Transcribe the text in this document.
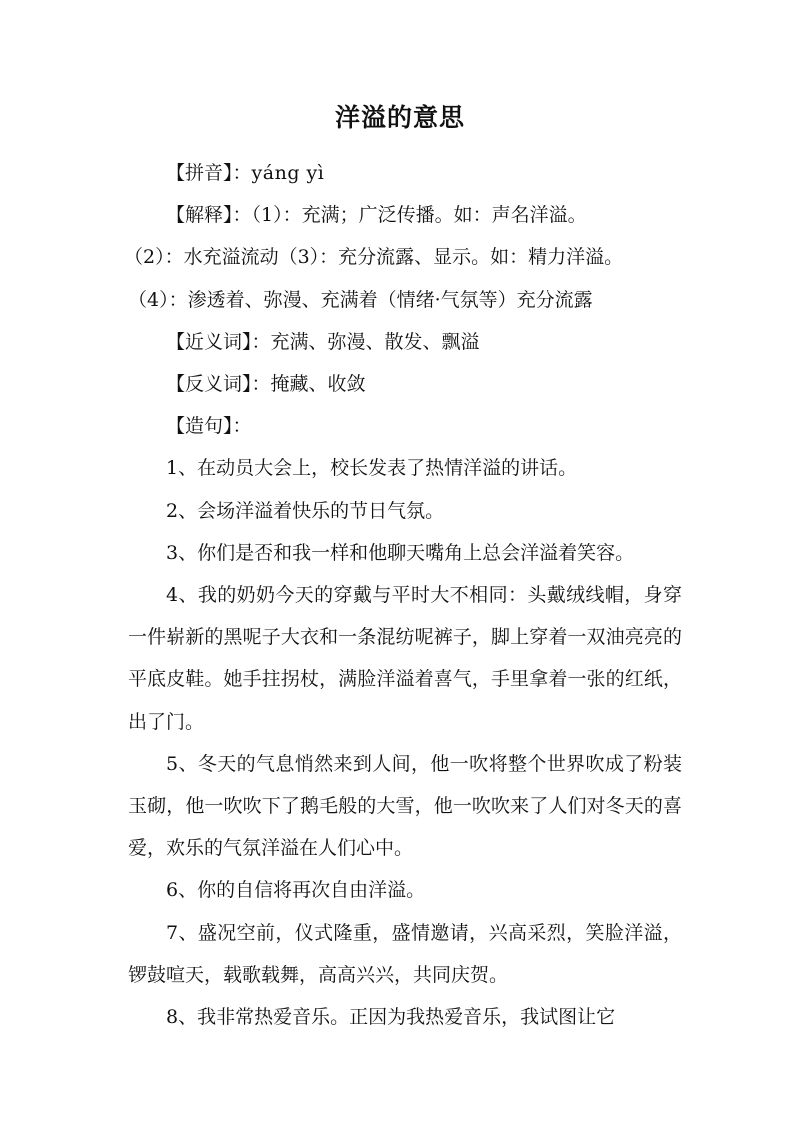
洋溢的意思

【拼音】：yáng yì

【解释】：（1）：充满；广泛传播。如：声名洋溢。

（2）：水充溢流动（3）：充分流露、显示。如：精力洋溢。

（4）：渗透着、弥漫、充满着（情绪·气氛等）充分流露

【近义词】：充满、弥漫、散发、飘溢

【反义词】：掩藏、收敛

【造句】：

1、在动员大会上，校长发表了热情洋溢的讲话。

2、会场洋溢着快乐的节日气氛。

3、你们是否和我一样和他聊天嘴角上总会洋溢着笑容。

4、我的奶奶今天的穿戴与平时大不相同：头戴绒线帽，身穿一件崭新的黑呢子大衣和一条混纺呢裤子，脚上穿着一双油亮亮的平底皮鞋。她手拄拐杖，满脸洋溢着喜气，手里拿着一张的红纸，出了门。

5、冬天的气息悄然来到人间，他一吹将整个世界吹成了粉装玉砌，他一吹吹下了鹅毛般的大雪，他一吹吹来了人们对冬天的喜爱，欢乐的气氛洋溢在人们心中。

6、你的自信将再次自由洋溢。

7、盛况空前，仪式隆重，盛情邀请，兴高采烈，笑脸洋溢，锣鼓喧天，载歌载舞，高高兴兴，共同庆贺。

8、我非常热爱音乐。正因为我热爱音乐，我试图让它
